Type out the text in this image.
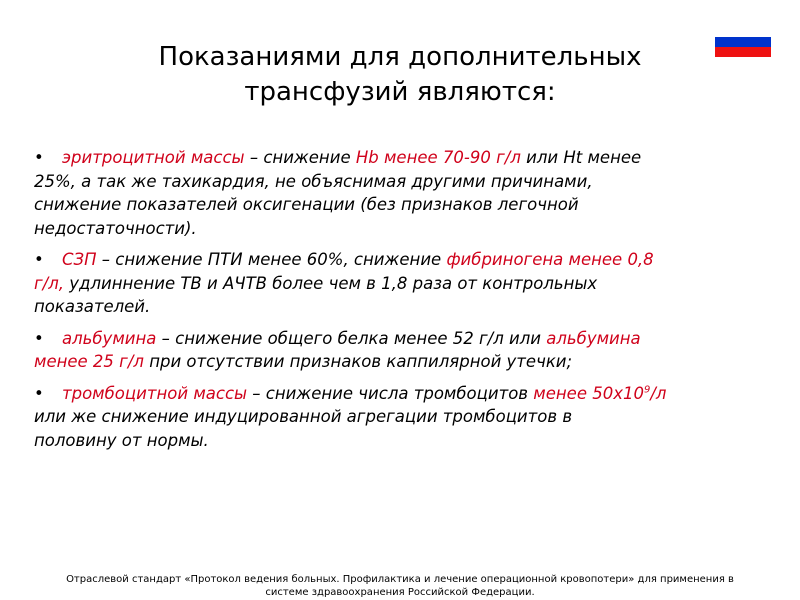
Показаниями для дополнительных
трансфузий являются:
• эритроцитной массы – снижение Hb менее 70-90 г/л или Ht менее
25%, а так же тахикардия, не объяснимая другими причинами,
снижение показателей оксигенации (без признаков легочной
недостаточности).
• СЗП – снижение ПТИ менее 60%, снижение фибриногена менее 0,8
г/л, удлиннение ТВ и АЧТВ более чем в 1,8 раза от контрольных
показателей.
• альбумина – снижение общего белка менее 52 г/л или альбумина
менее 25 г/л при отсутствии признаков каппилярной утечки;
• тромбоцитной массы – снижение числа тромбоцитов менее $50х10^9/л$
или же снижение индуцированной агрегации тромбоцитов в
половину от нормы.
Отраслевой стандарт «Протокол ведения больных. Профилактика и лечение операционной кровопотери» для применения в
системе здравоохранения Российской Федерации.
